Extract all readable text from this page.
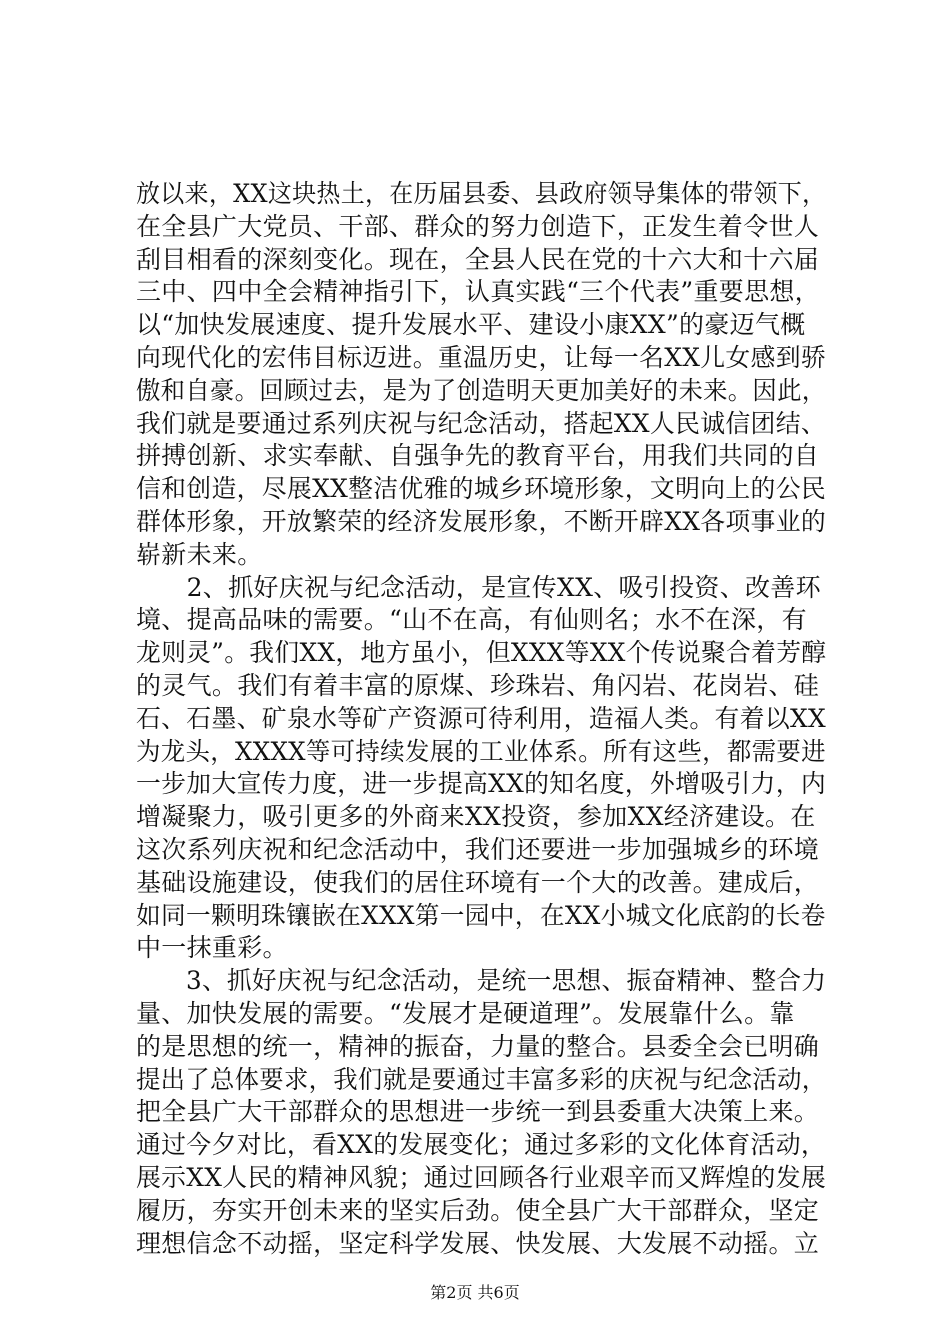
放以来，XX这块热土，在历届县委、县政府领导集体的带领下，
在全县广大党员、干部、群众的努力创造下，正发生着令世人
刮目相看的深刻变化。现在，全县人民在党的十六大和十六届
三中、四中全会精神指引下，认真实践“三个代表”重要思想，
以“加快发展速度、提升发展水平、建设小康XX”的豪迈气概
向现代化的宏伟目标迈进。重温历史，让每一名XX儿女感到骄
傲和自豪。回顾过去，是为了创造明天更加美好的未来。因此，
我们就是要通过系列庆祝与纪念活动，搭起XX人民诚信团结、
拼搏创新、求实奉献、自强争先的教育平台，用我们共同的自
信和创造，尽展XX整洁优雅的城乡环境形象，文明向上的公民
群体形象，开放繁荣的经济发展形象，不断开辟XX各项事业的
崭新未来。
　　2、抓好庆祝与纪念活动，是宣传XX、吸引投资、改善环
境、提高品味的需要。“山不在高，有仙则名；水不在深，有
龙则灵”。我们XX，地方虽小，但XXX等XX个传说聚合着芳醇
的灵气。我们有着丰富的原煤、珍珠岩、角闪岩、花岗岩、硅
石、石墨、矿泉水等矿产资源可待利用，造福人类。有着以XX
为龙头，XXXX等可持续发展的工业体系。所有这些，都需要进
一步加大宣传力度，进一步提高XX的知名度，外增吸引力，内
增凝聚力，吸引更多的外商来XX投资，参加XX经济建设。在
这次系列庆祝和纪念活动中，我们还要进一步加强城乡的环境
基础设施建设，使我们的居住环境有一个大的改善。建成后，
如同一颗明珠镶嵌在XXX第一园中，在XX小城文化底韵的长卷
中一抹重彩。
　　3、抓好庆祝与纪念活动，是统一思想、振奋精神、整合力
量、加快发展的需要。“发展才是硬道理”。发展靠什么。靠
的是思想的统一，精神的振奋，力量的整合。县委全会已明确
提出了总体要求，我们就是要通过丰富多彩的庆祝与纪念活动，
把全县广大干部群众的思想进一步统一到县委重大决策上来。
通过今夕对比，看XX的发展变化；通过多彩的文化体育活动，
展示XX人民的精神风貌；通过回顾各行业艰辛而又辉煌的发展
履历，夯实开创未来的坚实后劲。使全县广大干部群众，坚定
理想信念不动摇，坚定科学发展、快发展、大发展不动摇。立
第2页 共6页
